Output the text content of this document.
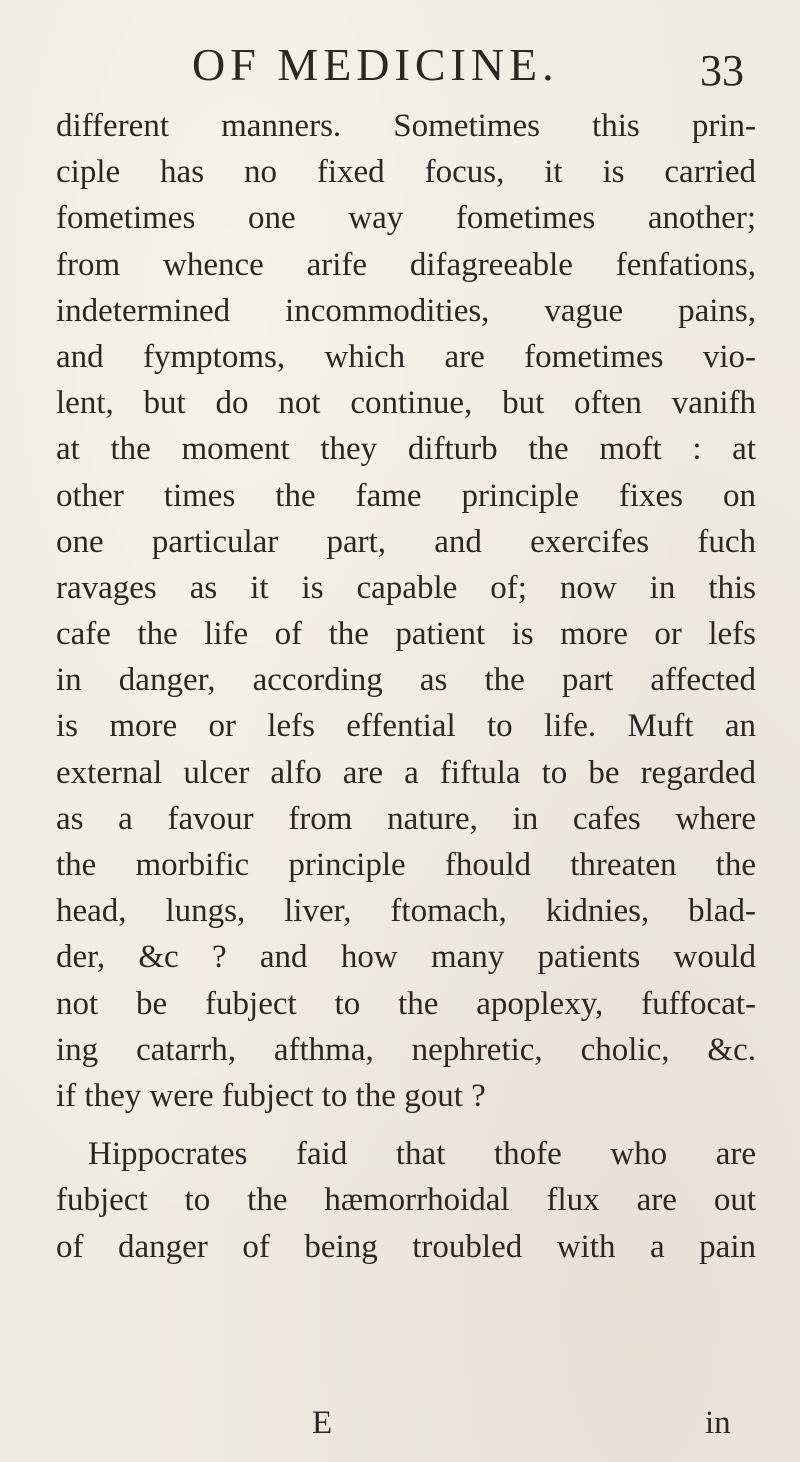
OF MEDICINE.	33
different manners. Sometimes this prin-
ciple has no fixed focus, it is carried
fometimes one way fometimes another;
from whence arife difagreeable fenfations,
indetermined incommodities, vague pains,
and fymptoms, which are fometimes vio-
lent, but do not continue, but often vanifh
at the moment they difturb the moft : at
other times the fame principle fixes on
one particular part, and exercifes fuch
ravages as it is capable of; now in this
cafe the life of the patient is more or lefs
in danger, according as the part affected
is more or lefs effential to life. Muft an
external ulcer alfo are a fiftula to be regarded
as a favour from nature, in cafes where
the morbific principle fhould threaten the
head, lungs, liver, ftomach, kidnies, blad-
der, &c ? and how many patients would
not be fubject to the apoplexy, fuffocat-
ing catarrh, afthma, nephretic, cholic, &c.
if they were fubject to the gout ?
Hippocrates faid that thofe who are
fubject to the hæmorrhoidal flux are out
of danger of being troubled with a pain
E	in
